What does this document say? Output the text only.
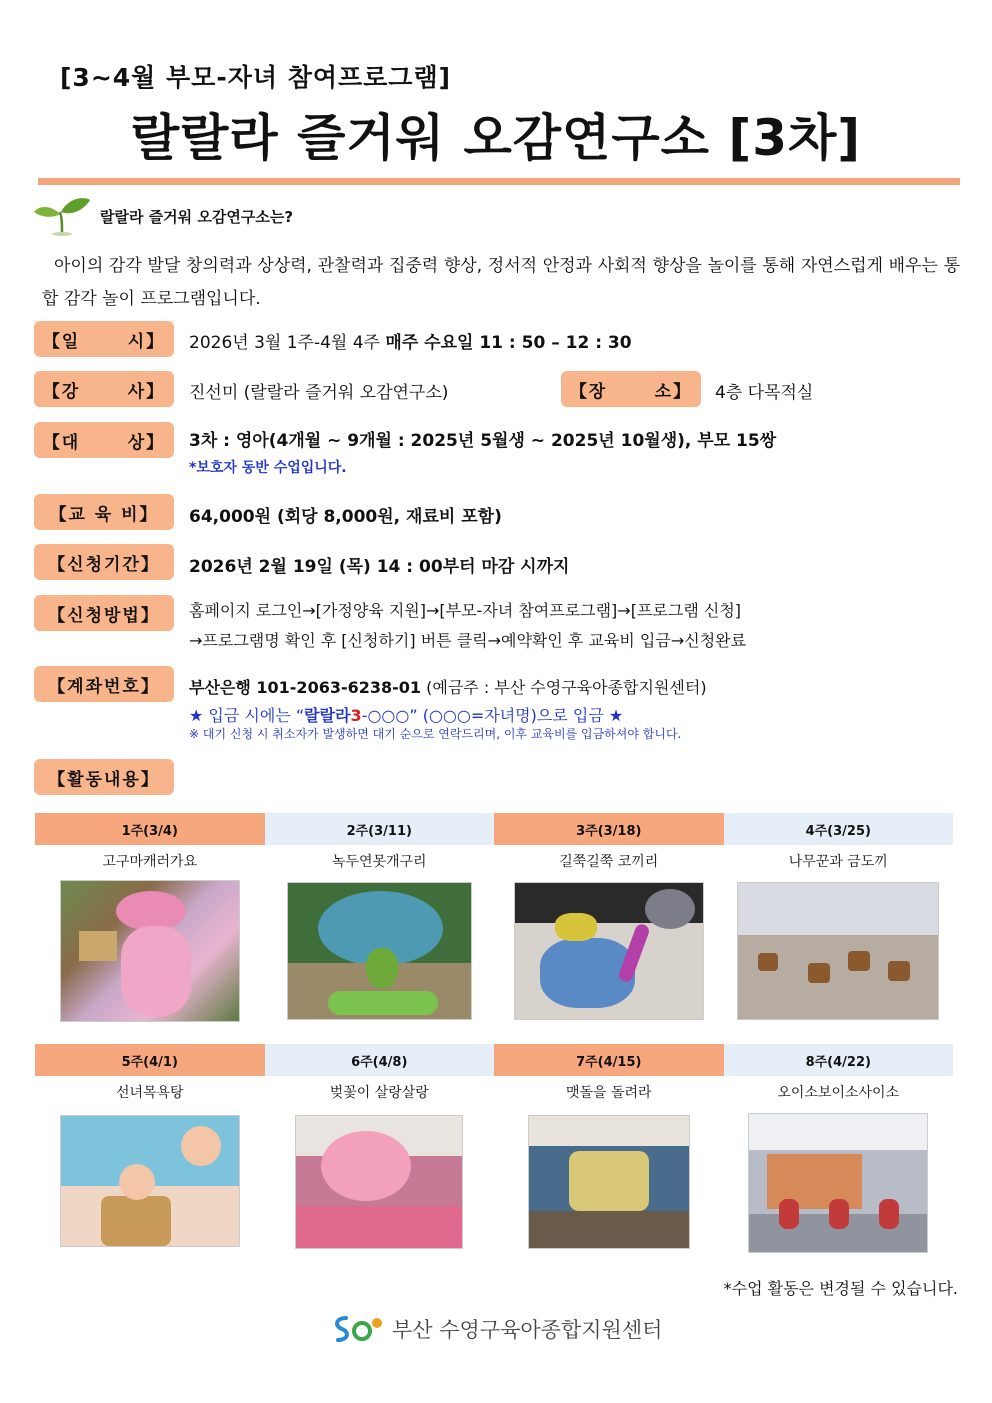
[3~4월 부모-자녀 참여프로그램]
랄랄라 즐거워 오감연구소 [3차]
랄랄라 즐거워 오감연구소는?
아이의 감각 발달 창의력과 상상력, 관찰력과 집중력 향상, 정서적 안정과 사회적 향상을 놀이를 통해 자연스럽게 배우는 통합 감각 놀이 프로그램입니다.
【일      시】	2026년 3월 1주-4월 4주 매주 수요일 11 : 50 – 12 : 30
【강      사】	진선미 (랄랄라 즐거워 오감연구소)	【장      소】	4층 다목적실
【대      상】	3차 : 영아(4개월 ~ 9개월 : 2025년 5월생 ~ 2025년 10월생), 부모 15쌍
*보호자 동반 수업입니다.
【교 육 비】	64,000원 (회당 8,000원, 재료비 포함)
【신청기간】	2026년 2월 19일 (목) 14 : 00부터 마감 시까지
【신청방법】	홈페이지 로그인→[가정양육 지원]→[부모-자녀 참여프로그램]→[프로그램 신청]
→프로그램명 확인 후 [신청하기] 버튼 클릭→예약확인 후 교육비 입금→신청완료
【계좌번호】	부산은행 101-2063-6238-01 (예금주 : 부산 수영구육아종합지원센터)
★ 입금 시에는 “랄랄라3-○○○” (○○○=자녀명)으로 입금 ★
※ 대기 신청 시 취소자가 발생하면 대기 순으로 연락드리며, 이후 교육비를 입금하셔야 합니다.
【활동내용】
1주(3/4)	2주(3/11)	3주(3/18)	4주(3/25)
고구마캐러가요	녹두연못개구리	길쭉길쭉 코끼리	나무꾼과 금도끼
5주(4/1)	6주(4/8)	7주(4/15)	8주(4/22)
선녀목욕탕	벚꽃이 살랑살랑	맷돌을 돌려라	오이소보이소사이소
*수업 활동은 변경될 수 있습니다.
부산 수영구육아종합지원센터
